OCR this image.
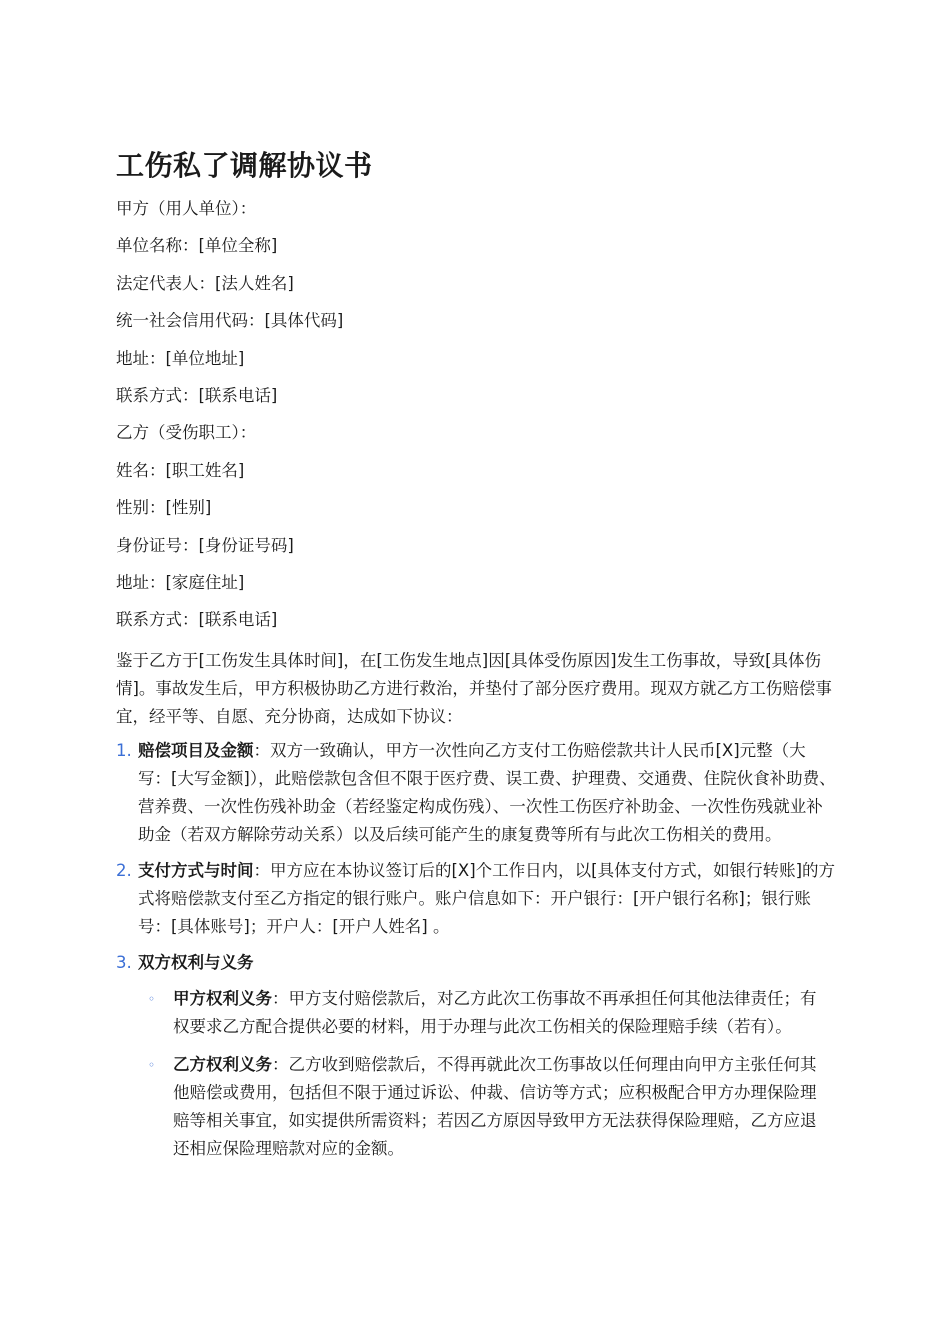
工伤私了调解协议书

甲方（用人单位）：

单位名称：[单位全称]

法定代表人：[法人姓名]

统一社会信用代码：[具体代码]

地址：[单位地址]

联系方式：[联系电话]

乙方（受伤职工）：

姓名：[职工姓名]

性别：[性别]

身份证号：[身份证号码]

地址：[家庭住址]

联系方式：[联系电话]

鉴于乙方于[工伤发生具体时间]，在[工伤发生地点]因[具体受伤原因]发生工伤事故，导致[具体伤情]。事故发生后，甲方积极协助乙方进行救治，并垫付了部分医疗费用。现双方就乙方工伤赔偿事宜，经平等、自愿、充分协商，达成如下协议：

1. 赔偿项目及金额：双方一致确认，甲方一次性向乙方支付工伤赔偿款共计人民币[X]元整（大写：[大写金额]），此赔偿款包含但不限于医疗费、误工费、护理费、交通费、住院伙食补助费、营养费、一次性伤残补助金（若经鉴定构成伤残）、一次性工伤医疗补助金、一次性伤残就业补助金（若双方解除劳动关系）以及后续可能产生的康复费等所有与此次工伤相关的费用。
2. 支付方式与时间：甲方应在本协议签订后的[X]个工作日内，以[具体支付方式，如银行转账]的方式将赔偿款支付至乙方指定的银行账户。账户信息如下：开户银行：[开户银行名称]；银行账号：[具体账号]；开户人：[开户人姓名] 。
3. 双方权利与义务
◦ 甲方权利义务：甲方支付赔偿款后，对乙方此次工伤事故不再承担任何其他法律责任；有权要求乙方配合提供必要的材料，用于办理与此次工伤相关的保险理赔手续（若有）。
◦ 乙方权利义务：乙方收到赔偿款后，不得再就此次工伤事故以任何理由向甲方主张任何其他赔偿或费用，包括但不限于通过诉讼、仲裁、信访等方式；应积极配合甲方办理保险理赔等相关事宜，如实提供所需资料；若因乙方原因导致甲方无法获得保险理赔，乙方应退还相应保险理赔款对应的金额。
